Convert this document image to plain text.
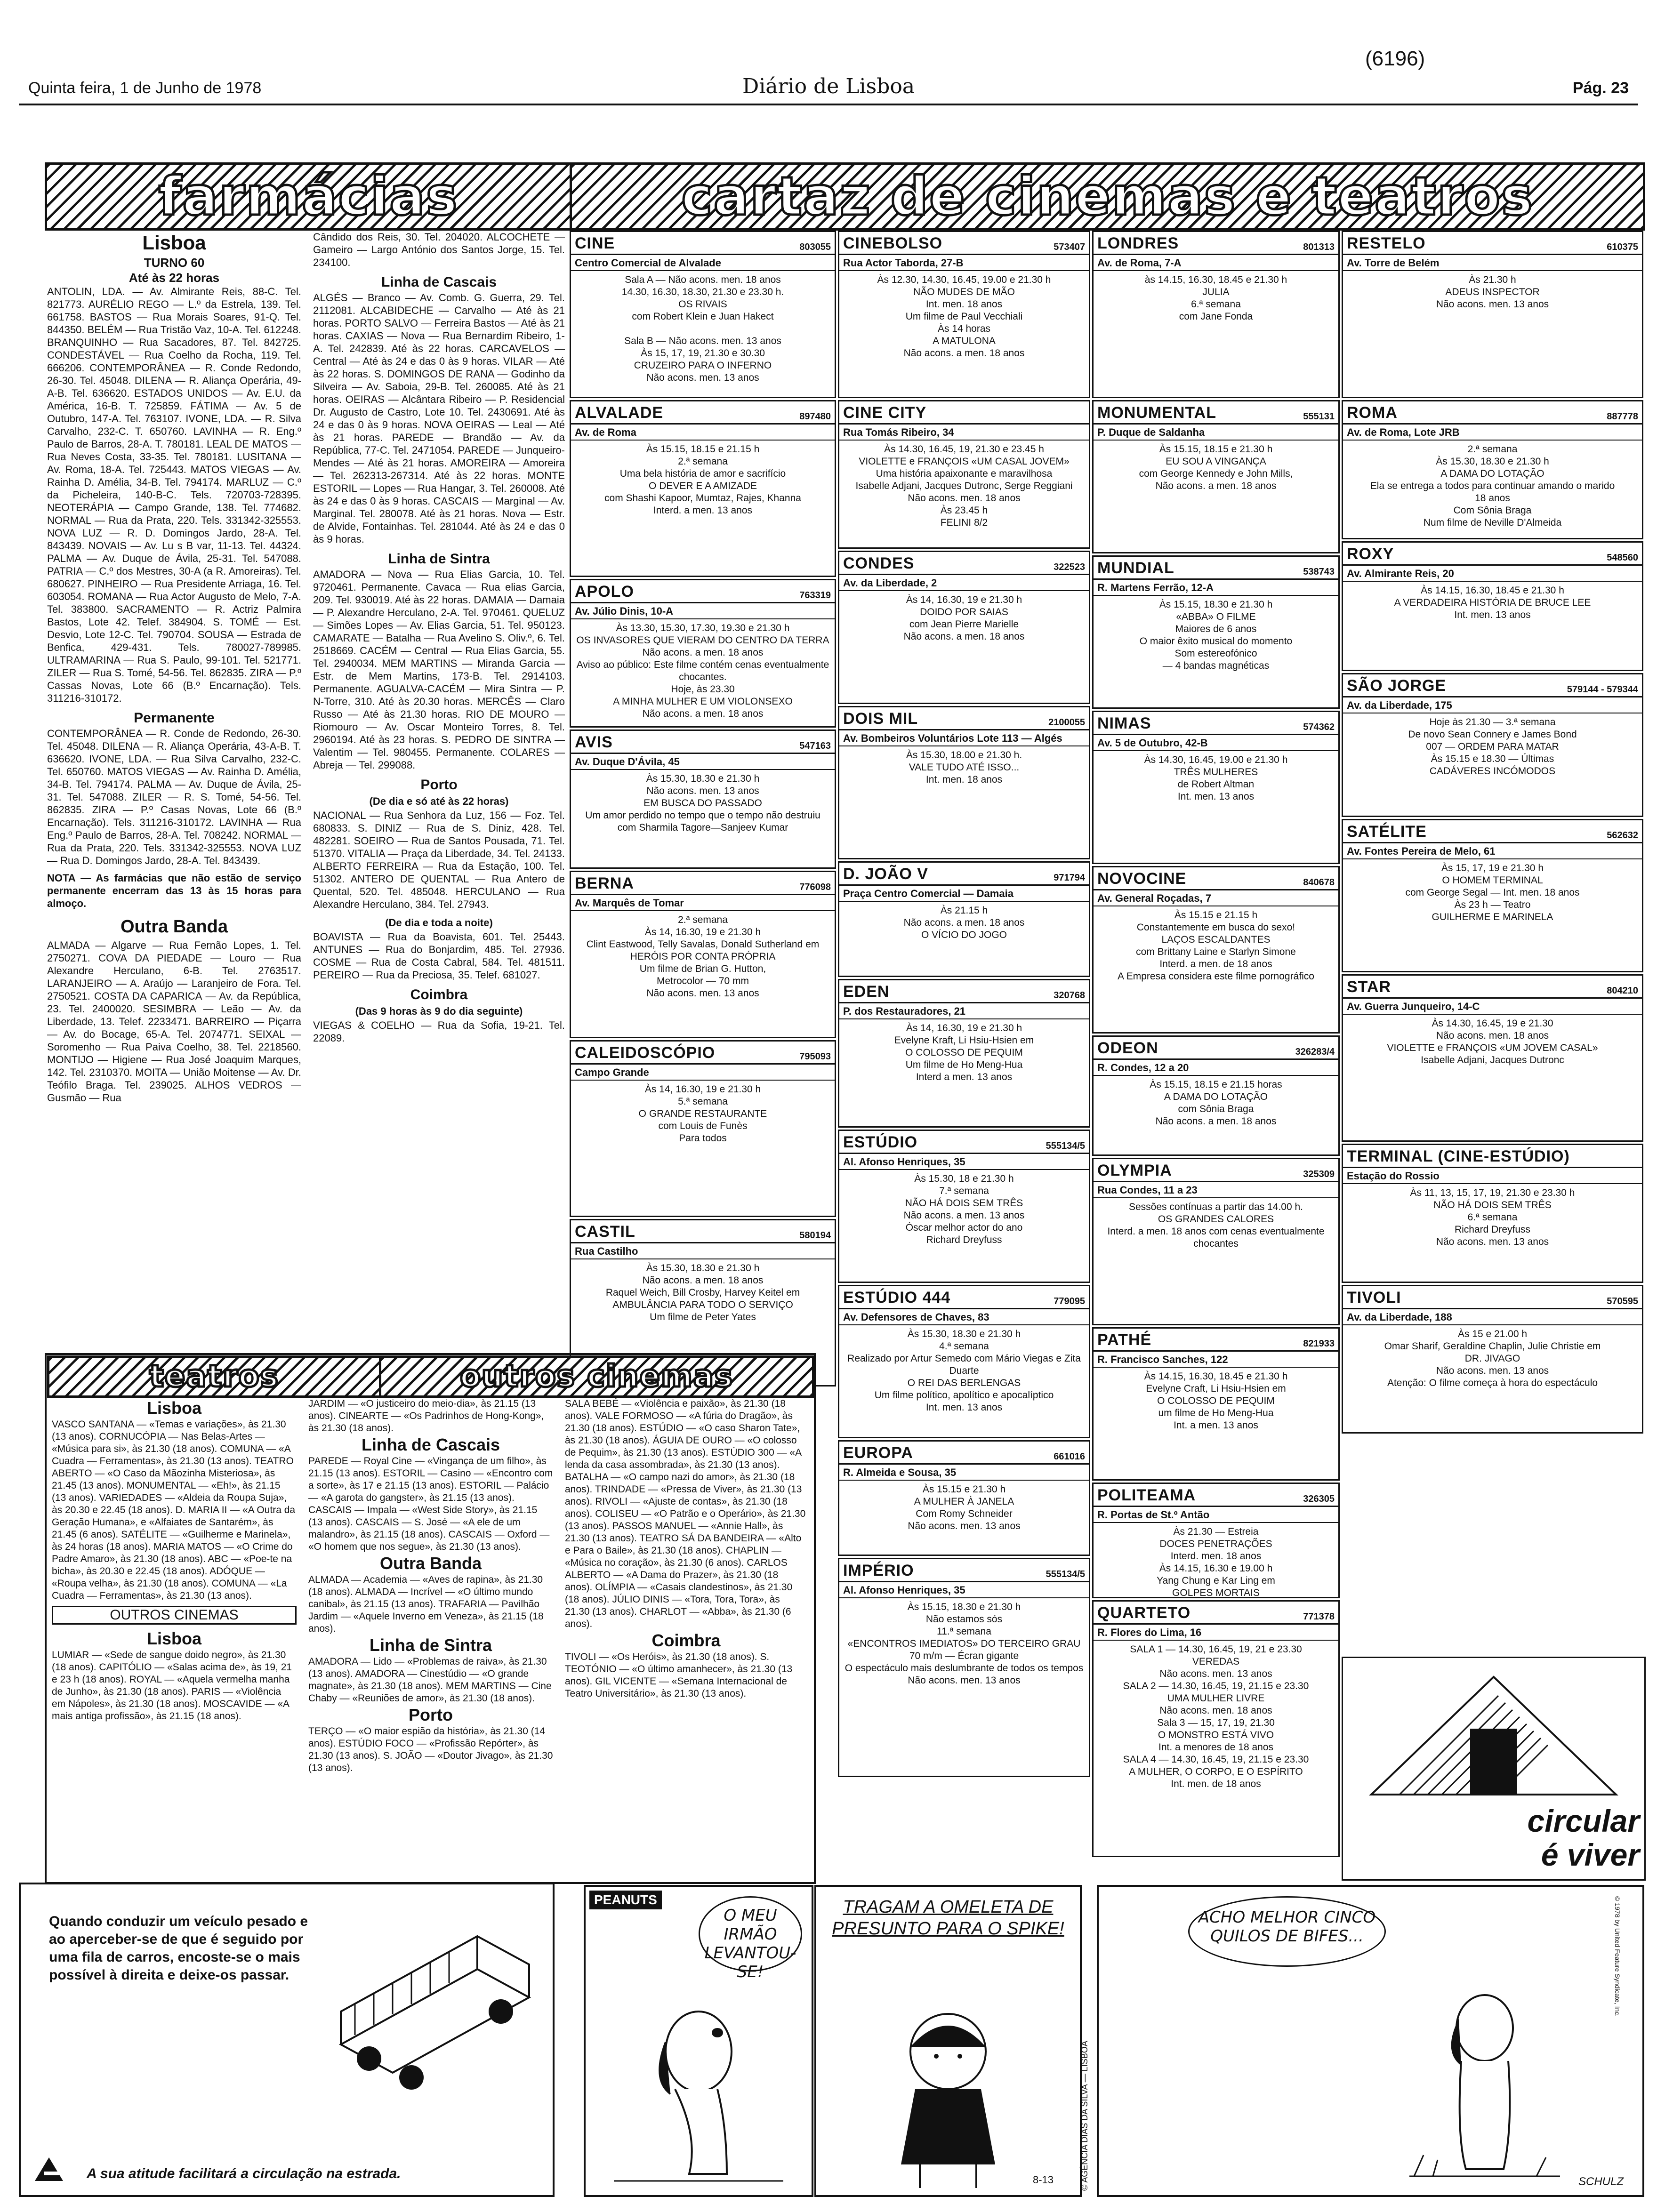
Quinta feira, 1 de Junho de 1978	Diário de Lisboa	Pág. 23
(6196)
farmácias	cartaz de cinemas e teatros
Lisboa
TURNO 60
Até às 22 horas

ANTOLIN, LDA. — Av. Almirante Reis, 88-C. Tel. 821773. AURÉLIO REGO — L.º da Estrela, 139. Tel. 661758. BASTOS — Rua Morais Soares, 91-Q. Tel. 844350. BELÉM — Rua Tristão Vaz, 10-A. Tel. 612248. BRANQUINHO — Rua Sacadores, 87. Tel. 842725. CONDESTÁVEL — Rua Coelho da Rocha, 119. Tel. 666206. CONTEMPORÂNEA — R. Conde Redondo, 26-30. Tel. 45048. DILENA — R. Aliança Operária, 49-A-B. Tel. 636620. ESTADOS UNIDOS — Av. E.U. da América, 16-B. T. 725859. FÁTIMA — Av. 5 de Outubro, 147-A. Tel. 763107. IVONE, LDA. — R. Silva Carvalho, 232-C. T. 650760. LAVINHA — R. Eng.º Paulo de Barros, 28-A. T. 780181. LEAL DE MATOS — Rua Neves Costa, 33-35. Tel. 780181. LUSITANA — Av. Roma, 18-A. Tel. 725443. MATOS VIEGAS — Av. Rainha D. Amélia, 34-B. Tel. 794174. MARLUZ — C.º da Picheleira, 140-B-C. Tels. 720703-728395. NEOTERÁPIA — Campo Grande, 138. Tel. 774682. NORMAL — Rua da Prata, 220. Tels. 331342-325553. NOVA LUZ — R. D. Domingos Jardo, 28-A. Tel. 843439. NOVAIS — Av. Lu s B var, 11-13. Tel. 44324. PALMA — Av. Duque de Ávila, 25-31. Tel. 547088. PATRIA — C.º dos Mestres, 30-A (a R. Amoreiras). Tel. 680627. PINHEIRO — Rua Presidente Arriaga, 16. Tel. 603054. ROMANA — Rua Actor Augusto de Melo, 7-A. Tel. 383800. SACRAMENTO — R. Actriz Palmira Bastos, Lote 42. Telef. 384904. S. TOMÉ — Est. Desvio, Lote 12-C. Tel. 790704. SOUSA — Estrada de Benfica, 429-431. Tels. 780027-789985. ULTRAMARINA — Rua S. Paulo, 99-101. Tel. 521771. ZILER — Rua S. Tomé, 54-56. Tel. 862835. ZIRA — P.º Cassas Novas, Lote 66 (B.º Encarnação). Tels. 311216-310172.

Permanente

CONTEMPORÂNEA — R. Conde de Redondo, 26-30. Tel. 45048. DILENA — R. Aliança Operária, 43-A-B. T. 636620. IVONE, LDA. — Rua Silva Carvalho, 232-C. Tel. 650760. MATOS VIEGAS — Av. Rainha D. Amélia, 34-B. Tel. 794174. PALMA — Av. Duque de Ávila, 25-31. Tel. 547088. ZILER — R. S. Tomé, 54-56. Tel. 862835. ZIRA — P.º Casas Novas, Lote 66 (B.º Encarnação). Tels. 311216-310172. LAVINHA — Rua Eng.º Paulo de Barros, 28-A. Tel. 708242. NORMAL — Rua da Prata, 220. Tels. 331342-325553. NOVA LUZ — Rua D. Domingos Jardo, 28-A. Tel. 843439.

NOTA — As farmácias que não estão de serviço permanente encerram das 13 às 15 horas para almoço.

Outra Banda

ALMADA — Algarve — Rua Fernão Lopes, 1. Tel. 2750271. COVA DA PIEDADE — Louro — Rua Alexandre Herculano, 6-B. Tel. 2763517. LARANJEIRO — A. Araújo — Laranjeiro de Fora. Tel. 2750521. COSTA DA CAPARICA — Av. da República, 23. Tel. 2400020. SESIMBRA — Leão — Av. da Liberdade, 13. Telef. 2233471. BARREIRO — Piçarra — Av. do Bocage, 65-A. Tel. 2074771. SEIXAL — Soromenho — Rua Paiva Coelho, 38. Tel. 2218560. MONTIJO — Higiene — Rua José Joaquim Marques, 142. Tel. 2310370. MOITA — União Moitense — Av. Dr. Teófilo Braga. Tel. 239025. ALHOS VEDROS — Gusmão — Rua

Cândido dos Reis, 30. Tel. 204020. ALCOCHETE — Gameiro — Largo António dos Santos Jorge, 15. Tel. 234100.

Linha de Cascais

ALGÉS — Branco — Av. Comb. G. Guerra, 29. Tel. 2112081. ALCABIDECHE — Carvalho — Até às 21 horas. PORTO SALVO — Ferreira Bastos — Até às 21 horas. CAXIAS — Nova — Rua Bernardim Ribeiro, 1-A. Tel. 242839. Até às 22 horas. CARCAVELOS — Central — Até às 24 e das 0 às 9 horas. VILAR — Até às 22 horas. S. DOMINGOS DE RANA — Godinho da Silveira — Av. Saboia, 29-B. Tel. 260085. Até às 21 horas. OEIRAS — Alcântara Ribeiro — P. Residencial Dr. Augusto de Castro, Lote 10. Tel. 2430691. Até às 24 e das 0 às 9 horas. NOVA OEIRAS — Leal — Até às 21 horas. PAREDE — Brandão — Av. da República, 77-C. Tel. 2471054. PAREDE — Junqueiro-Mendes — Até às 21 horas. AMOREIRA — Amoreira — Tel. 262313-267314. Até às 22 horas. MONTE ESTORIL — Lopes — Rua Hangar, 3. Tel. 260008. Até às 24 e das 0 às 9 horas. CASCAIS — Marginal — Av. Marginal. Tel. 280078. Até às 21 horas. Nova — Estr. de Alvide, Fontainhas. Tel. 281044. Até às 24 e das 0 às 9 horas.

Linha de Sintra

AMADORA — Nova — Rua Elias Garcia, 10. Tel. 9720461. Permanente. Cavaca — Rua elias Garcia, 209. Tel. 930019. Até às 22 horas. DAMAIA — Damaia — P. Alexandre Herculano, 2-A. Tel. 970461. QUELUZ — Simões Lopes — Av. Elias Garcia, 51. Tel. 950123. CAMARATE — Batalha — Rua Avelino S. Oliv.º, 6. Tel. 2518669. CACÉM — Central — Rua Elias Garcia, 55. Tel. 2940034. MEM MARTINS — Miranda Garcia — Estr. de Mem Martins, 173-B. Tel. 2914103. Permanente. AGUALVA-CACÉM — Mira Sintra — P. N-Torre, 310. Até às 20.30 horas. MERCÊS — Claro Russo — Até às 21.30 horas. RIO DE MOURO — Riomouro — Av. Oscar Monteiro Torres, 8. Tel. 2960194. Até às 23 horas. S. PEDRO DE SINTRA — Valentim — Tel. 980455. Permanente. COLARES — Abreja — Tel. 299088.

Porto
(De dia e só até às 22 horas)

NACIONAL — Rua Senhora da Luz, 156 — Foz. Tel. 680833. S. DINIZ — Rua de S. Diniz, 428. Tel. 482281. SOEIRO — Rua de Santos Pousada, 71. Tel. 51370. VITALIA — Praça da Liberdade, 34. Tel. 24133. ALBERTO FERREIRA — Rua da Estação, 100. Tel. 51302. ANTERO DE QUENTAL — Rua Antero de Quental, 520. Tel. 485048. HERCULANO — Rua Alexandre Herculano, 384. Tel. 27943.

(De dia e toda a noite)

BOAVISTA — Rua da Boavista, 601. Tel. 25443. ANTUNES — Rua do Bonjardim, 485. Tel. 27936. COSME — Rua de Costa Cabral, 584. Tel. 481511. PEREIRO — Rua da Preciosa, 35. Telef. 681027.

Coimbra
(Das 9 horas às 9 do dia seguinte)

VIEGAS & COELHO — Rua da Sofia, 19-21. Tel. 22089.

CINE	803055
Centro Comercial de Alvalade
Sala A — Não acons. men. 18 anos
14.30, 16.30, 18.30, 21.30 e 23.30 h.
OS RIVAIS
com Robert Klein e Juan Hakect

Sala B — Não acons. men. 13 anos
Às 15, 17, 19, 21.30 e 30.30
CRUZEIRO PARA O INFERNO
Não acons. men. 13 anos

ALVALADE	897480
Av. de Roma
Às 15.15, 18.15 e 21.15 h
2.ª semana
Uma bela história de amor e sacrifício
O DEVER E A AMIZADE
com Shashi Kapoor, Mumtaz, Rajes, Khanna
Interd. a men. 13 anos

APOLO	763319
Av. Júlio Dinis, 10-A
Às 13.30, 15.30, 17.30, 19.30 e 21.30 h
OS INVASORES QUE VIERAM DO CENTRO DA TERRA
Não acons. a men. 18 anos
Aviso ao público: Este filme contém cenas eventualmente chocantes.
Hoje, às 23.30
A MINHA MULHER E UM VIOLONSEXO
Não acons. a men. 18 anos

AVIS	547163
Av. Duque D'Ávila, 45
Às 15.30, 18.30 e 21.30 h
Não acons. men. 13 anos
EM BUSCA DO PASSADO
Um amor perdido no tempo que o tempo não destruiu
com Sharmila Tagore—Sanjeev Kumar

BERNA	776098
Av. Marquês de Tomar
2.ª semana
Às 14, 16.30, 19 e 21.30 h
Clint Eastwood, Telly Savalas, Donald Sutherland em
HERÓIS POR CONTA PRÓPRIA
Um filme de Brian G. Hutton,
Metrocolor — 70 mm
Não acons. men. 13 anos

CALEIDOSCÓPIO	795093
Campo Grande
Às 14, 16.30, 19 e 21.30 h
5.ª semana
O GRANDE RESTAURANTE
com Louis de Funès
Para todos

CASTIL	580194
Rua Castilho
Às 15.30, 18.30 e 21.30 h
Não acons. a men. 18 anos
Raquel Weich, Bill Crosby, Harvey Keitel em
AMBULÂNCIA PARA TODO O SERVIÇO
Um filme de Peter Yates

CINEBOLSO	573407
Rua Actor Taborda, 27-B
Às 12.30, 14.30, 16.45, 19.00 e 21.30 h
NÃO MUDES DE MÃO
Int. men. 18 anos
Um filme de Paul Vecchiali
Às 14 horas
A MATULONA
Não acons. a men. 18 anos

CINE CITY
Rua Tomás Ribeiro, 34
Às 14.30, 16.45, 19, 21.30 e 23.45 h
VIOLETTE e FRANÇOIS «UM CASAL JOVEM»
Uma história apaixonante e maravilhosa
Isabelle Adjani, Jacques Dutronc, Serge Reggiani
Não acons. men. 18 anos
Às 23.45 h
FELINI 8/2

CONDES	322523
Av. da Liberdade, 2
Às 14, 16.30, 19 e 21.30 h
DOIDO POR SAIAS
com Jean Pierre Marielle
Não acons. a men. 18 anos

DOIS MIL	2100055
Av. Bombeiros Voluntários Lote 113 — Algés
Às 15.30, 18.00 e 21.30 h.
VALE TUDO ATÉ ISSO...
Int. men. 18 anos

D. JOÃO V	971794
Praça Centro Comercial — Damaia
Às 21.15 h
Não acons. a men. 18 anos
O VÍCIO DO JOGO

EDEN	320768
P. dos Restauradores, 21
Às 14, 16.30, 19 e 21.30 h
Evelyne Kraft, Li Hsiu-Hsien em
O COLOSSO DE PEQUIM
Um filme de Ho Meng-Hua
Interd a men. 13 anos

ESTÚDIO	555134/5
Al. Afonso Henriques, 35
Às 15.30, 18 e 21.30 h
7.ª semana
NÃO HÁ DOIS SEM TRÊS
Não acons. a men. 13 anos
Óscar melhor actor do ano
Richard Dreyfuss

ESTÚDIO 444	779095
Av. Defensores de Chaves, 83
Às 15.30, 18.30 e 21.30 h
4.ª semana
Realizado por Artur Semedo com Mário Viegas e Zita Duarte
O REI DAS BERLENGAS
Um filme político, apolítico e apocalíptico
Int. men. 13 anos

EUROPA	661016
R. Almeida e Sousa, 35
Às 15.15 e 21.30 h
A MULHER À JANELA
Com Romy Schneider
Não acons. men. 13 anos

IMPÉRIO	555134/5
Al. Afonso Henriques, 35
Às 15.15, 18.30 e 21.30 h
Não estamos sós
11.ª semana
«ENCONTROS IMEDIATOS» DO TERCEIRO GRAU
70 m/m — Écran gigante
O espectáculo mais deslumbrante de todos os tempos
Não acons. men. 13 anos

LONDRES	801313
Av. de Roma, 7-A
às 14.15, 16.30, 18.45 e 21.30 h
JULIA
6.ª semana
com Jane Fonda

MONUMENTAL	555131
P. Duque de Saldanha
Às 15.15, 18.15 e 21.30 h
EU SOU A VINGANÇA
com George Kennedy e John Mills,
Não acons. a men. 18 anos

MUNDIAL	538743
R. Martens Ferrão, 12-A
Às 15.15, 18.30 e 21.30 h
«ABBA» O FILME
Maiores de 6 anos
O maior êxito musical do momento
Som estereofónico
— 4 bandas magnéticas

NIMAS	574362
Av. 5 de Outubro, 42-B
Às 14.30, 16.45, 19.00 e 21.30 h
TRÊS MULHERES
de Robert Altman
Int. men. 13 anos

NOVOCINE	840678
Av. General Roçadas, 7
Às 15.15 e 21.15 h
Constantemente em busca do sexo!
LAÇOS ESCALDANTES
com Brittany Laine e Starlyn Simone
Interd. a men. de 18 anos
A Empresa considera este filme pornográfico

ODEON	326283/4
R. Condes, 12 a 20
Às 15.15, 18.15 e 21.15 horas
A DAMA DO LOTAÇÃO
com Sônia Braga
Não acons. a men. 18 anos

OLYMPIA	325309
Rua Condes, 11 a 23
Sessões contínuas a partir das 14.00 h.
OS GRANDES CALORES
Interd. a men. 18 anos com cenas eventualmente chocantes

PATHÉ	821933
R. Francisco Sanches, 122
Às 14.15, 16.30, 18.45 e 21.30 h
Evelyne Craft, Li Hsiu-Hsien em
O COLOSSO DE PEQUIM
um filme de Ho Meng-Hua
Int. a men. 13 anos

POLITEAMA	326305
R. Portas de St.º Antão
Às 21.30 — Estreia
DOCES PENETRAÇÕES
Interd. men. 18 anos
Às 14.15, 16.30 e 19.00 h
Yang Chung e Kar Ling em
GOLPES MORTAIS

QUARTETO	771378
R. Flores do Lima, 16
SALA 1 — 14.30, 16.45, 19, 21 e 23.30
VEREDAS
Não acons. men. 13 anos
SALA 2 — 14.30, 16.45, 19, 21.15 e 23.30
UMA MULHER LIVRE
Não acons. men. 18 anos
Sala 3 — 15, 17, 19, 21.30
O MONSTRO ESTÁ VIVO
Int. a menores de 18 anos
SALA 4 — 14.30, 16.45, 19, 21.15 e 23.30
A MULHER, O CORPO, E O ESPÍRITO
Int. men. de 18 anos

RESTELO	610375
Av. Torre de Belém
Às 21.30 h
ADEUS INSPECTOR
Não acons. men. 13 anos

ROMA	887778
Av. de Roma, Lote JRB
2.ª semana
Às 15.30, 18.30 e 21.30 h
A DAMA DO LOTAÇÃO
Ela se entrega a todos para continuar amando o marido
18 anos
Com Sônia Braga
Num filme de Neville D'Almeida

ROXY	548560
Av. Almirante Reis, 20
Às 14.15, 16.30, 18.45 e 21.30 h
A VERDADEIRA HISTÓRIA DE BRUCE LEE
Int. men. 13 anos

SÃO JORGE	579144 - 579344
Av. da Liberdade, 175
Hoje às 21.30 — 3.ª semana
De novo Sean Connery e James Bond
007 — ORDEM PARA MATAR
Às 15.15 e 18.30 — Últimas
CADÁVERES INCÓMODOS

SATÉLITE	562632
Av. Fontes Pereira de Melo, 61
Às 15, 17, 19 e 21.30 h
O HOMEM TERMINAL
com George Segal — Int. men. 18 anos
Às 23 h — Teatro
GUILHERME E MARINELA

STAR	804210
Av. Guerra Junqueiro, 14-C
Às 14.30, 16.45, 19 e 21.30
Não acons. men. 18 anos
VIOLETTE e FRANÇOIS «UM JOVEM CASAL»
Isabelle Adjani, Jacques Dutronc

TERMINAL (CINE-ESTÚDIO)
Estação do Rossio
Às 11, 13, 15, 17, 19, 21.30 e 23.30 h
NÃO HÁ DOIS SEM TRÊS
6.ª semana
Richard Dreyfuss
Não acons. men. 13 anos

TIVOLI	570595
Av. da Liberdade, 188
Às 15 e 21.00 h
Omar Sharif, Geraldine Chaplin, Julie Christie em
DR. JIVAGO
Não acons. men. 13 anos
Atenção: O filme começa à hora do espectáculo

teatros	outros cinemas
Lisboa
VASCO SANTANA — «Temas e variações», às 21.30 (13 anos). CORNUCÓPIA — Nas Belas-Artes — «Música para si», às 21.30 (18 anos). COMUNA — «A Cuadra — Ferramentas», às 21.30 (13 anos). TEATRO ABERTO — «O Caso da Mãozinha Misteriosa», às 21.45 (13 anos). MONUMENTAL — «Eh!», às 21.15 (13 anos). VARIEDADES — «Aldeia da Roupa Suja», às 20.30 e 22.45 (18 anos). D. MARIA II — «A Outra da Geração Humana», e «Alfaiates de Santarém», às 21.45 (6 anos). SATÉLITE — «Guilherme e Marinela», às 24 horas (18 anos). MARIA MATOS — «O Crime do Padre Amaro», às 21.30 (18 anos). ABC — «Poe-te na bicha», às 20.30 e 22.45 (18 anos). ADÓQUE — «Roupa velha», às 21.30 (18 anos). COMUNA — «La Cuadra — Ferramentas», às 21.30 (13 anos).
OUTROS CINEMAS
Lisboa
LUMIAR — «Sede de sangue doido negro», às 21.30 (18 anos). CAPITÓLIO — «Salas acima de», às 19, 21 e 23 h (18 anos). ROYAL — «Aquela vermelha manha de Junho», às 21.30 (18 anos). PARIS — «Violência em Nápoles», às 21.30 (18 anos). MOSCAVIDE — «A mais antiga profissão», às 21.15 (18 anos).
JARDIM — «O justiceiro do meio-dia», às 21.15 (13 anos). CINEARTE — «Os Padrinhos de Hong-Kong», às 21.30 (18 anos).
Linha de Cascais
PAREDE — Royal Cine — «Vingança de um filho», às 21.15 (13 anos). ESTORIL — Casino — «Encontro com a sorte», às 17 e 21.15 (13 anos). ESTORIL — Palácio — «A garota do gangster», às 21.15 (13 anos). CASCAIS — Impala — «West Side Story», às 21.15 (13 anos). CASCAIS — S. José — «A ele de um malandro», às 21.15 (18 anos). CASCAIS — Oxford — «O homem que nos segue», às 21.30 (13 anos).
Outra Banda
ALMADA — Academia — «Aves de rapina», às 21.30 (18 anos). ALMADA — Incrível — «O último mundo canibal», às 21.15 (13 anos). TRAFARIA — Pavilhão Jardim — «Aquele Inverno em Veneza», às 21.15 (18 anos).
Linha de Sintra
AMADORA — Lido — «Problemas de raiva», às 21.30 (13 anos). AMADORA — Cinestúdio — «O grande magnate», às 21.30 (18 anos). MEM MARTINS — Cine Chaby — «Reuniões de amor», às 21.30 (18 anos).
Porto
TERÇO — «O maior espião da história», às 21.30 (14 anos). ESTÚDIO FOCO — «Profissão Repórter», às 21.30 (13 anos). S. JOÃO — «Doutor Jivago», às 21.30 (13 anos).
SALA BEBÉ — «Violência e paixão», às 21.30 (18 anos). VALE FORMOSO — «A fúria do Dragão», às 21.30 (18 anos). ESTÚDIO — «O caso Sharon Tate», às 21.30 (18 anos). ÁGUIA DE OURO — «O colosso de Pequim», às 21.30 (13 anos). ESTÚDIO 300 — «A lenda da casa assombrada», às 21.30 (13 anos). BATALHA — «O campo nazi do amor», às 21.30 (18 anos). TRINDADE — «Pressa de Viver», às 21.30 (13 anos). RIVOLI — «Ajuste de contas», às 21.30 (18 anos). COLISEU — «O Patrão e o Operário», às 21.30 (13 anos). PASSOS MANUEL — «Annie Hall», às 21.30 (13 anos). TEATRO SÁ DA BANDEIRA — «Alto e Para o Baile», às 21.30 (18 anos). CHAPLIN — «Música no coração», às 21.30 (6 anos). CARLOS ALBERTO — «A Dama do Prazer», às 21.30 (18 anos). OLÍMPIA — «Casais clandestinos», às 21.30 (18 anos). JÚLIO DINIS — «Tora, Tora, Tora», às 21.30 (13 anos). CHARLOT — «Abba», às 21.30 (6 anos).
Coimbra
TIVOLI — «Os Heróis», às 21.30 (18 anos). S. TEOTÓNIO — «O último amanhecer», às 21.30 (13 anos). GIL VICENTE — «Semana Internacional de Teatro Universitário», às 21.30 (13 anos).
circular
é viver
Quando conduzir um veículo pesado e ao aperceber-se de que é seguido por uma fila de carros, encoste-se o mais possível à direita e deixe-os passar.
A sua atitude facilitará a circulação na estrada.
PEANUTS
O MEU IRMÃO LEVANTOU-SE!
TRAGAM A OMELETA DE PRESUNTO PARA O SPIKE!
8-13	© AGÊNCIA DIAS DA SILVA — LISBOA
ACHO MELHOR CINCO QUILOS DE BIFES...
SCHULZ
© 1978 by United Feature Syndicate, Inc.
